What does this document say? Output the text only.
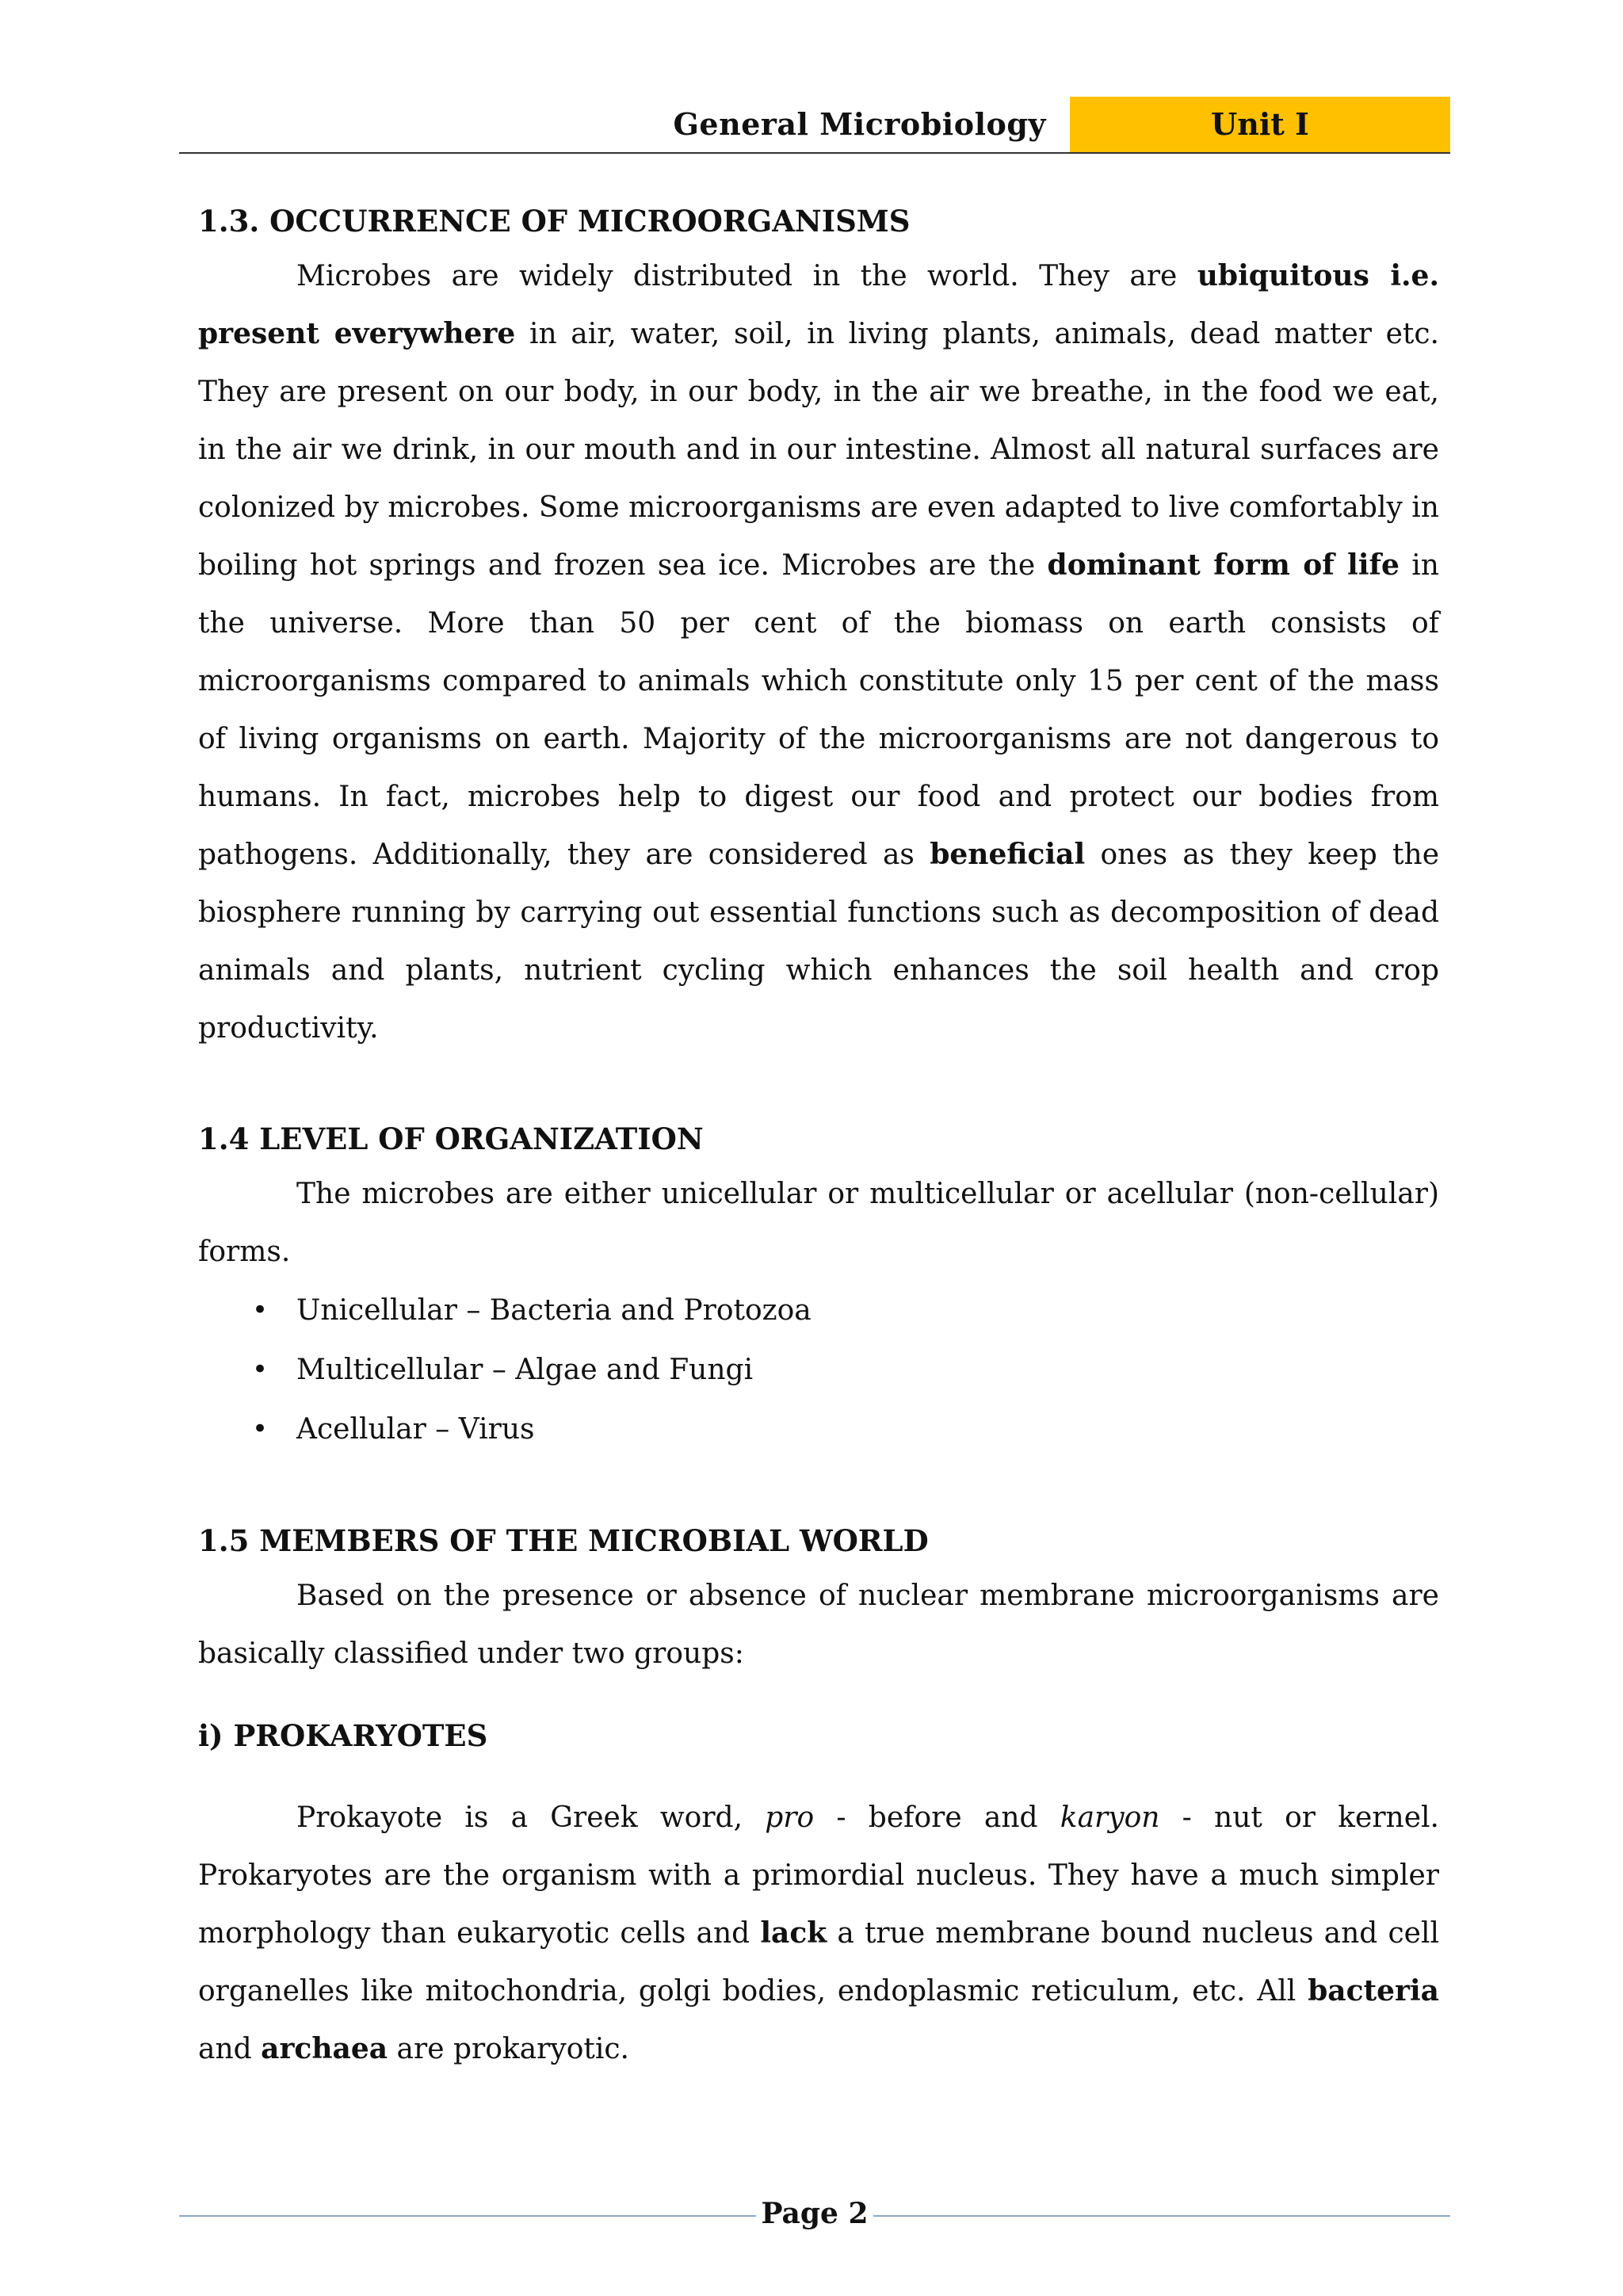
General Microbiology	Unit I
1.3. OCCURRENCE OF MICROORGANISMS

Microbes are widely distributed in the world. They are ubiquitous i.e. present everywhere in air, water, soil, in living plants, animals, dead matter etc. They are present on our body, in our body, in the air we breathe, in the food we eat, in the air we drink, in our mouth and in our intestine. Almost all natural surfaces are colonized by microbes. Some microorganisms are even adapted to live comfortably in boiling hot springs and frozen sea ice. Microbes are the dominant form of life in the universe. More than 50 per cent of the biomass on earth consists of microorganisms compared to animals which constitute only 15 per cent of the mass of living organisms on earth. Majority of the microorganisms are not dangerous to humans. In fact, microbes help to digest our food and protect our bodies from pathogens. Additionally, they are considered as beneficial ones as they keep the biosphere running by carrying out essential functions such as decomposition of dead animals and plants, nutrient cycling which enhances the soil health and crop productivity.

1.4 LEVEL OF ORGANIZATION

The microbes are either unicellular or multicellular or acellular (non-cellular) forms.

• Unicellular – Bacteria and Protozoa
• Multicellular – Algae and Fungi
• Acellular – Virus
1.5 MEMBERS OF THE MICROBIAL WORLD

Based on the presence or absence of nuclear membrane microorganisms are basically classified under two groups:

i) PROKARYOTES

Prokayote is a Greek word, pro - before and karyon - nut or kernel. Prokaryotes are the organism with a primordial nucleus. They have a much simpler morphology than eukaryotic cells and lack a true membrane bound nucleus and cell organelles like mitochondria, golgi bodies, endoplasmic reticulum, etc. All bacteria and archaea are prokaryotic.

Page 2
